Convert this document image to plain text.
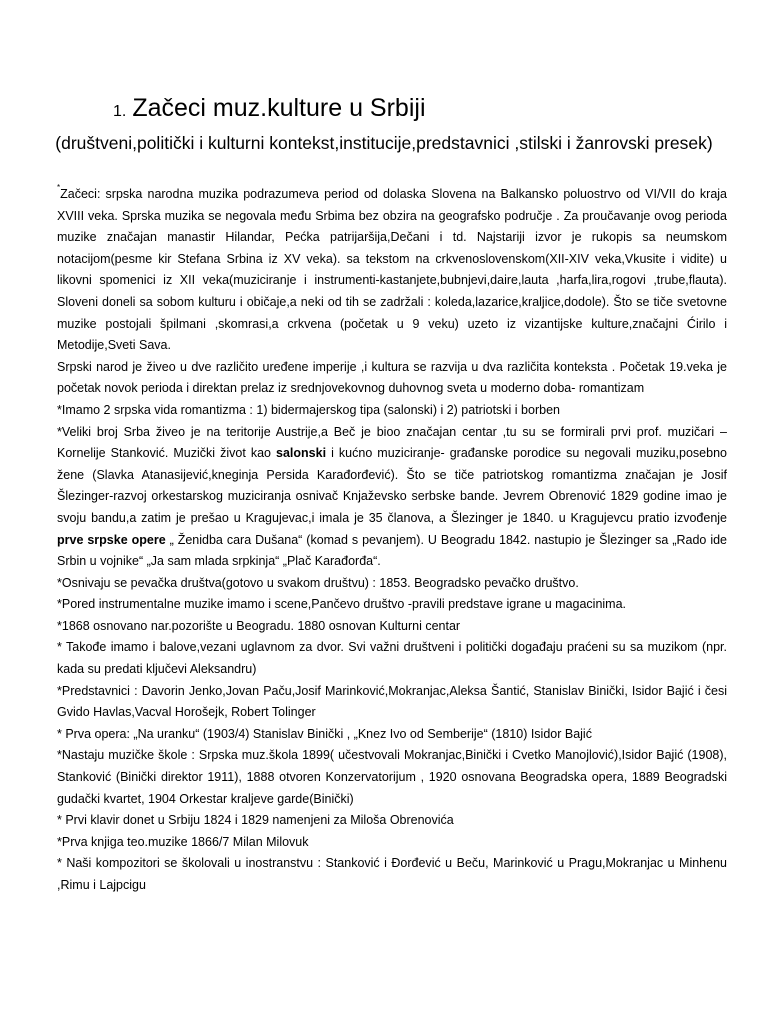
1. Začeci muz.kulture u Srbiji
(društveni,politički i kulturni kontekst,institucije,predstavnici ,stilski i žanrovski presek)

*Začeci: srpska narodna muzika podrazumeva period od dolaska Slovena na Balkansko poluostrvo od VI/VII do kraja XVIII veka. Sprska muzika se negovala među Srbima bez obzira na geografsko područje . Za proučavanje ovog perioda muzike značajan manastir Hilandar, Pećka patrijaršija,Dečani i td. Najstariji izvor je rukopis sa neumskom notacijom(pesme kir Stefana Srbina iz XV veka). sa tekstom na crkvenoslovenskom(XII-XIV veka,Vkusite i vidite) u likovni spomenici iz XII veka(muziciranje i instrumenti-kastanjete,bubnjevi,daire,lauta ,harfa,lira,rogovi ,trube,flauta). Sloveni doneli sa sobom kulturu i običaje,a neki od tih se zadržali : koleda,lazarice,kraljice,dodole). Što se tiče svetovne muzike postojali špilmani ,skomrasi,a crkvena (početak u 9 veku) uzeto iz vizantijske kulture,značajni Ćirilo i Metodije,Sveti Sava.

Srpski narod je živeo u dve različito uređene imperije ,i kultura se razvija u dva različita konteksta . Početak 19.veka je početak novok perioda i direktan prelaz iz srednjovekovnog duhovnog sveta u moderno doba- romantizam

*Imamo 2 srpska vida romantizma : 1) bidermajerskog tipa (salonski) i 2) patriotski i borben

*Veliki broj Srba živeo je na teritorije Austrije,a Beč je bioo značajan centar ,tu su se formirali prvi prof. muzičari –Kornelije Stanković. Muzički život kao salonski i kućno muziciranje- građanske porodice su negovali muziku,posebno žene (Slavka Atanasijević,kneginja Persida Karađorđević). Što se tiče patriotskog romantizma značajan je Josif Šlezinger-razvoj orkestarskog muziciranja osnivač Knjaževsko serbske bande. Jevrem Obrenović 1829 godine imao je svoju bandu,a zatim je prešao u Kragujevac,i imala je 35 članova, a Šlezinger je 1840. u Kragujevcu pratio izvođenje prve srpske opere „ Ženidba cara Dušana“ (komad s pevanjem). U Beogradu 1842. nastupio je Šlezinger sa „Rado ide Srbin u vojnike“ „Ja sam mlada srpkinja“ „Plač Karađorđa“.

*Osnivaju se pevačka društva(gotovo u svakom društvu) : 1853. Beogradsko pevačko društvo.

*Pored instrumentalne muzike imamo i scene,Pančevo društvo -pravili predstave igrane u magacinima.

*1868 osnovano nar.pozorište u Beogradu. 1880 osnovan Kulturni centar

* Takođe imamo i balove,vezani uglavnom za dvor. Svi važni društveni i politički događaju praćeni su sa muzikom (npr. kada su predati ključevi Aleksandru)

*Predstavnici : Davorin Jenko,Jovan Paču,Josif Marinković,Mokranjac,Aleksa Šantić, Stanislav Binički, Isidor Bajić i česi Gvido Havlas,Vacval Horošejk, Robert Tolinger

* Prva opera: „Na uranku“ (1903/4) Stanislav Binički , „Knez Ivo od Semberije“ (1810) Isidor Bajić

*Nastaju muzičke škole : Srpska muz.škola 1899( učestvovali Mokranjac,Binički i Cvetko Manojlović),Isidor Bajić (1908), Stanković (Binički direktor 1911), 1888 otvoren Konzervatorijum , 1920 osnovana Beogradska opera, 1889 Beogradski gudački kvartet, 1904 Orkestar kraljeve garde(Binički)

* Prvi klavir donet u Srbiju 1824 i 1829 namenjeni za Miloša Obrenovića

*Prva knjiga teo.muzike 1866/7 Milan Milovuk

* Naši kompozitori se školovali u inostranstvu : Stanković i Đorđević u Beču, Marinković u Pragu,Mokranjac u Minhenu ,Rimu i Lajpcigu
